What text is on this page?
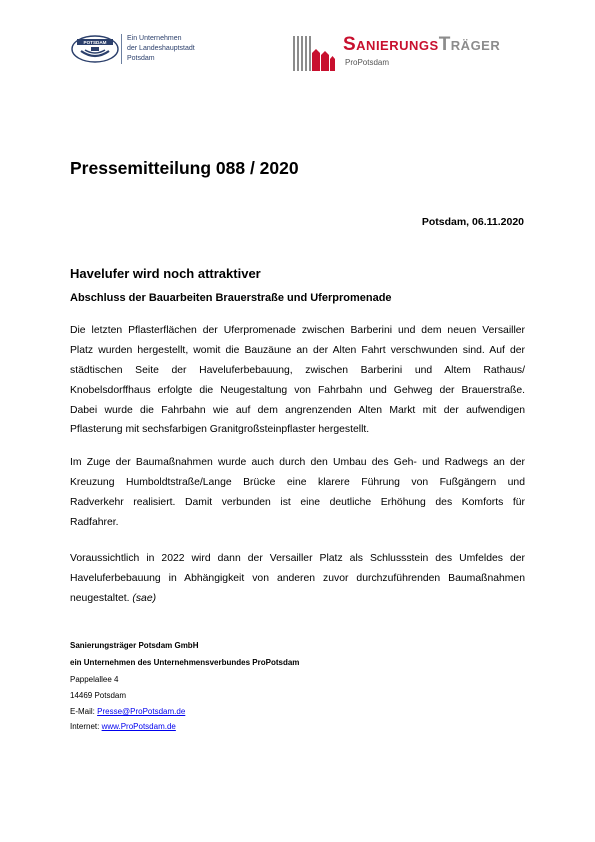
POTSDAM
Ein Unternehmen
der Landeshauptstadt
Potsdam
SanierungsTräger
ProPotsdam
Pressemitteilung 088 / 2020
Potsdam, 06.11.2020
Havelufer wird noch attraktiver
Abschluss der Bauarbeiten Brauerstraße und Uferpromenade
Die letzten Pflasterflächen der Uferpromenade zwischen Barberini und dem neuen Versailler
Platz wurden hergestellt, womit die Bauzäune an der Alten Fahrt verschwunden sind. Auf der
städtischen Seite der Haveluferbebauung, zwischen Barberini und Altem Rathaus/
Knobelsdorffhaus erfolgte die Neugestaltung von Fahrbahn und Gehweg der Brauerstraße.
Dabei wurde die Fahrbahn wie auf dem angrenzenden Alten Markt mit der aufwendigen
Pflasterung mit sechsfarbigen Granitgroßsteinpflaster hergestellt.
Im Zuge der Baumaßnahmen wurde auch durch den Umbau des Geh- und Radwegs an der
Kreuzung Humboldtstraße/Lange Brücke eine klarere Führung von Fußgängern und
Radverkehr realisiert. Damit verbunden ist eine deutliche Erhöhung des Komforts für
Radfahrer.
Voraussichtlich in 2022 wird dann der Versailler Platz als Schlussstein des Umfeldes der
Haveluferbebauung in Abhängigkeit von anderen zuvor durchzuführenden Baumaßnahmen
neugestaltet. (sae)
Sanierungsträger Potsdam GmbH
ein Unternehmen des Unternehmensverbundes ProPotsdam
Pappelallee 4
14469 Potsdam
E-Mail: Presse@ProPotsdam.de
Internet: www.ProPotsdam.de
